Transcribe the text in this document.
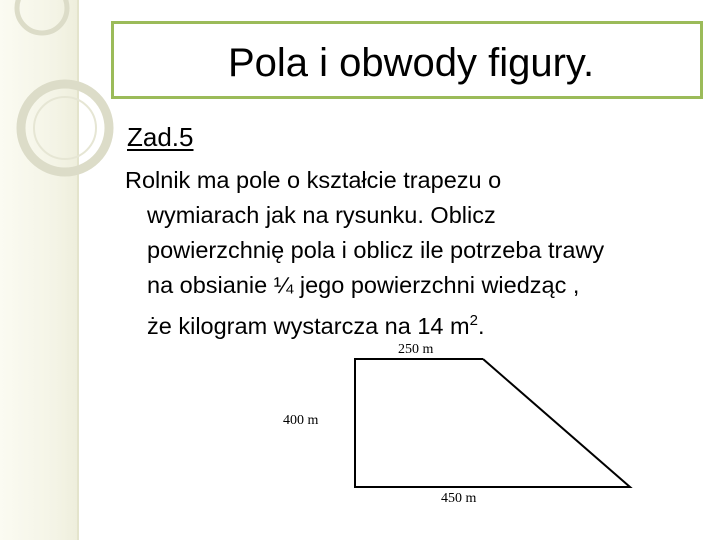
Pola i obwody figury.
Zad.5
Rolnik ma pole o kształcie trapezu o
wymiarach jak na rysunku. Oblicz
powierzchnię pola i oblicz ile potrzeba trawy
na obsianie ¼ jego powierzchni wiedząc ,
że kilogram wystarcza na 14 $m^2$.
250 m
400 m
450 m
